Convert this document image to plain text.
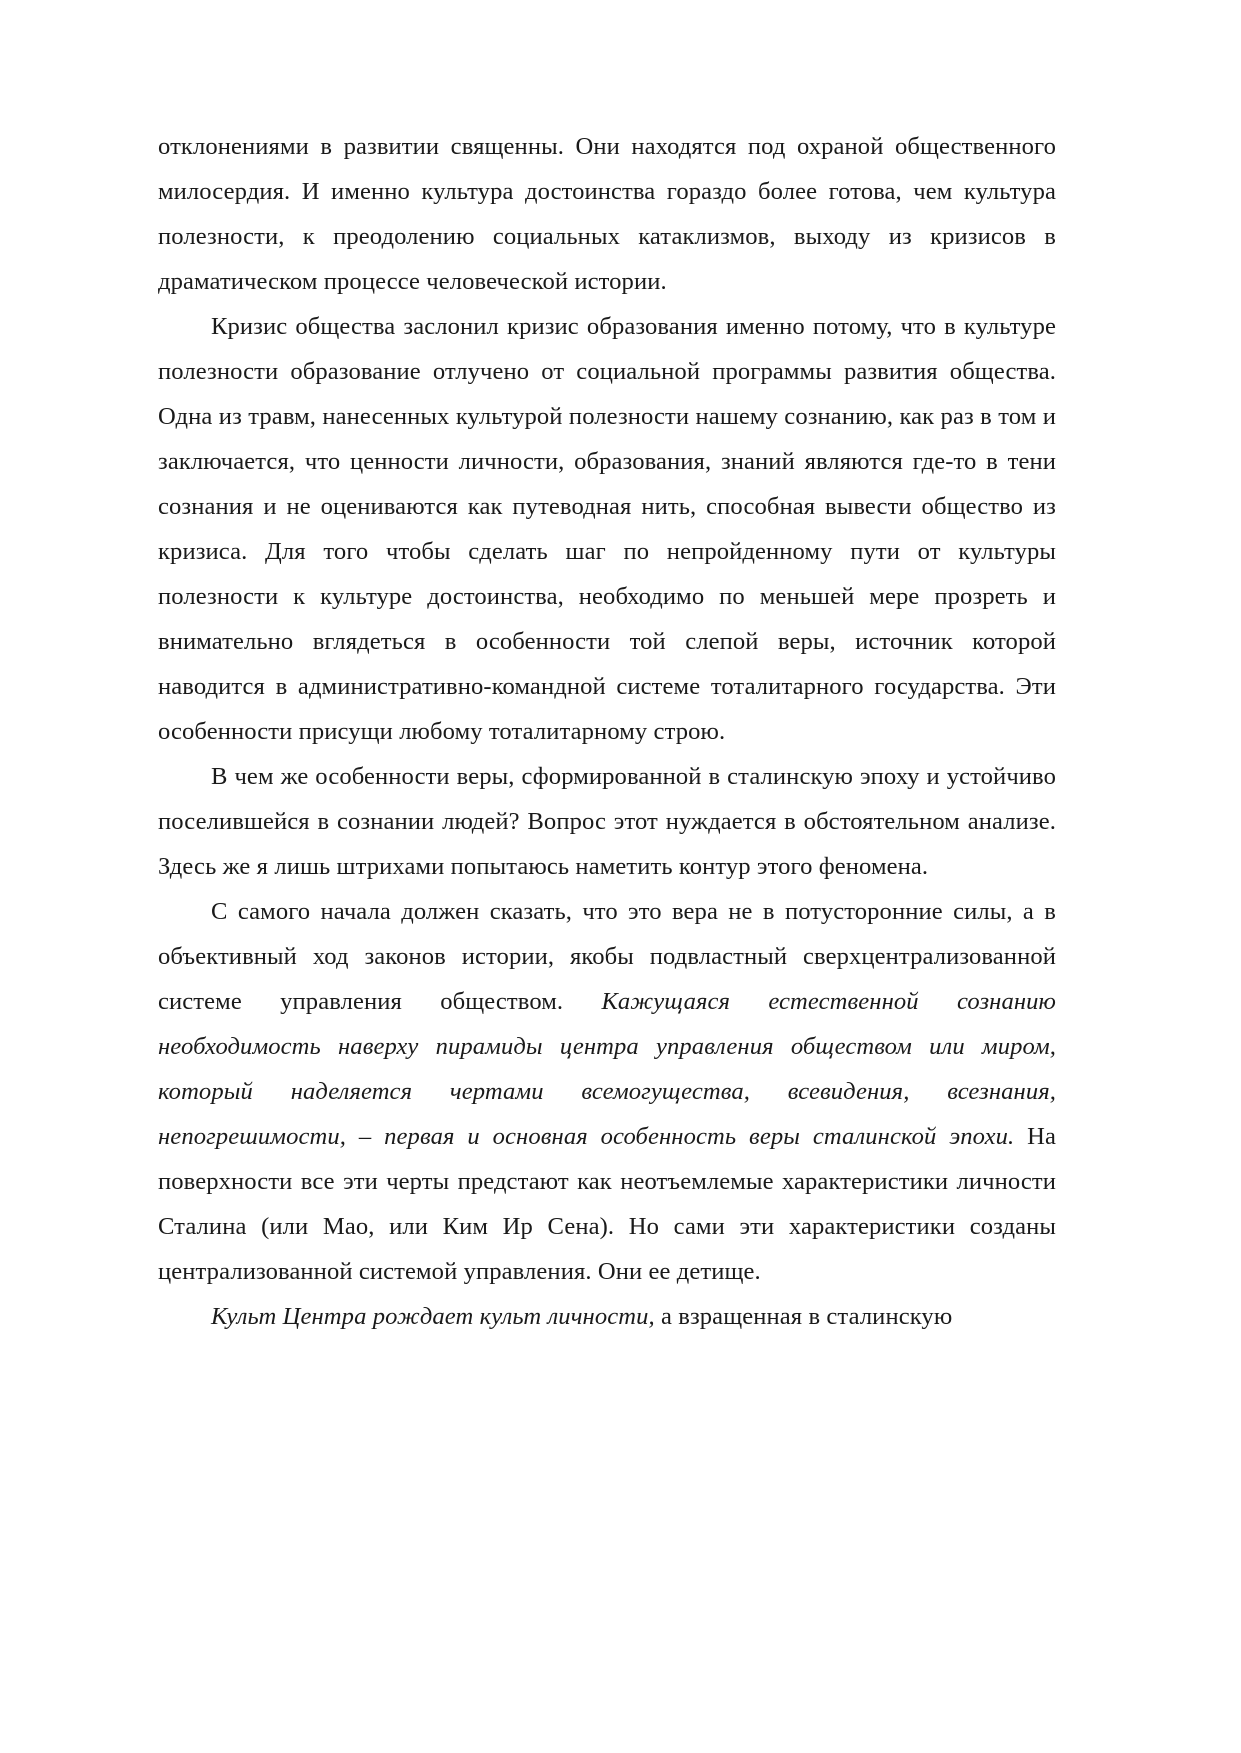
отклонениями в развитии священны. Они находятся под охраной общественного милосердия. И именно культура достоинства гораздо более готова, чем культура полезности, к преодолению социальных катаклизмов, выходу из кризисов в драматическом процессе человеческой истории.

Кризис общества заслонил кризис образования именно потому, что в культуре полезности образование отлучено от социальной программы развития общества. Одна из травм, нанесенных культурой полезности нашему сознанию, как раз в том и заключается, что ценности личности, образования, знаний являются где-то в тени сознания и не оцениваются как путеводная нить, способная вывести общество из кризиса. Для того чтобы сделать шаг по непройденному пути от культуры полезности к культуре достоинства, необходимо по меньшей мере прозреть и внимательно вглядеться в особенности той слепой веры, источник которой наводится в административно-командной системе тоталитарного государства. Эти особенности присущи любому тоталитарному строю.

В чем же особенности веры, сформированной в сталинскую эпоху и устойчиво поселившейся в сознании людей? Вопрос этот нуждается в обстоятельном анализе. Здесь же я лишь штрихами попытаюсь наметить контур этого феномена.

С самого начала должен сказать, что это вера не в потусторонние силы, а в объективный ход законов истории, якобы подвластный сверхцентрализованной системе управления обществом. Кажущаяся естественной сознанию необходимость наверху пирамиды центра управления обществом или миром, который наделяется чертами всемогущества, всевидения, всезнания, непогрешимости, – первая и основная особенность веры сталинской эпохи. На поверхности все эти черты предстают как неотъемлемые характеристики личности Сталина (или Мао, или Ким Ир Сена). Но сами эти характеристики созданы централизованной системой управления. Они ее детище.

Культ Центра рождает культ личности, а взращенная в сталинскую
